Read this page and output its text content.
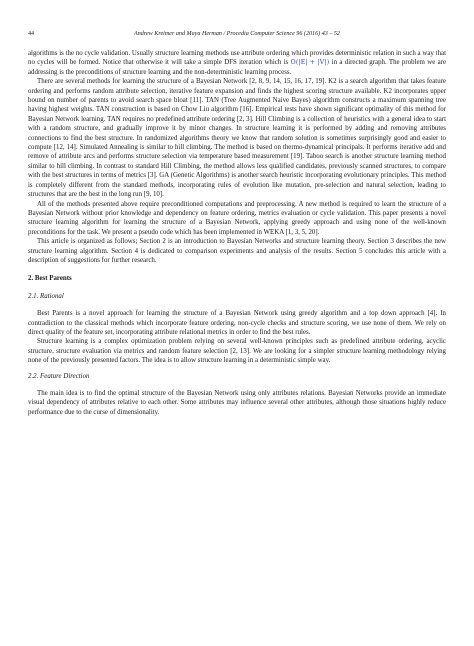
44	Andrew Kreimer and Maya Herman / Procedia Computer Science 96 (2016) 43 – 52

algorithms is the no cycle validation. Usually structure learning methods use attribute ordering which provides deterministic relation in such a way that no cycles will be formed. Notice that otherwise it will take a simple DFS iteration which is O(|E| + |V|) in a directed graph. The problem we are addressing is the preconditions of structure learning and the non-deterministic learning process.

There are several methods for learning the structure of a Bayesian Network [2, 8, 9, 14, 15, 16, 17, 19]. K2 is a search algorithm that takes feature ordering and performs random attribute selection, iterative feature expansion and finds the highest scoring structure available. K2 incorporates upper bound on number of parents to avoid search space bloat [11]. TAN (Tree Augmented Naive Bayes) algorithm constructs a maximum spanning tree having highest weights. TAN construction is based on Chow Liu algorithm [16]. Empirical tests have shown significant optimality of this method for Bayesian Network learning. TAN requires no predefined attribute ordering [2, 3]. Hill Climbing is a collection of heuristics with a general idea to start with a random structure, and gradually improve it by minor changes. In structure learning it is performed by adding and removing attributes connections to find the best structure. In randomized algorithms theory we know that random solution is sometimes surprisingly good and easier to compute [12, 14]. Simulated Annealing is similar to hill climbing. The method is based on thermo-dynamical principals. It performs iterative add and remove of attribute arcs and performs structure selection via temperature based measurement [19]. Taboo search is another structure learning method similar to hill climbing. In contrast to standard Hill Climbing, the method allows less qualified candidates, previously scanned structures, to compare with the best structures in terms of metrics [3]. GA (Genetic Algorithms) is another search heuristic incorporating evolutionary principles. This method is completely different from the standard methods, incorporating rules of evolution like mutation, pre-selection and natural selection, leading to structures that are the best in the long run [9, 10].

All of the methods presented above require preconditioned computations and preprocessing. A new method is required to learn the structure of a Bayesian Network without prior knowledge and dependency on feature ordering, metrics evaluation or cycle validation. This paper presents a novel structure learning algorithm for learning the structure of a Bayesian Network, applying greedy approach and using none of the well-known preconditions for the task. We present a pseudo code which has been implemented in WEKA [1, 3, 5, 20].

This article is organized as follows; Section 2 is an introduction to Bayesian Networks and structure learning theory. Section 3 describes the new structure learning algorithm. Section 4 is dedicated to comparison experiments and analysis of the results. Section 5 concludes this article with a description of suggestions for further research.

2. Best Parents
2.1. Rational

Best Parents is a novel approach for learning the structure of a Bayesian Network using greedy algorithm and a top down approach [4]. In contradiction to the classical methods which incorporate feature ordering, non-cycle checks and structure scoring, we use none of them. We rely on direct quality of the feature set, incorporating attribute relational metrics in order to find the best rules.

Structure learning is a complex optimization problem relying on several well-known principles such as predefined attribute ordering, acyclic structure, structure evaluation via metrics and random feature selection [2, 13]. We are looking for a simpler structure learning methodology relying none of the previously presented factors. The idea is to allow structure learning in a deterministic simple way.

2.2. Feature Direction

The main idea is to find the optimal structure of the Bayesian Network using only attributes relations. Bayesian Networks provide an immediate visual dependency of attributes relative to each other. Some attributes may influence several other attributes, although those situations highly reduce performance due to the curse of dimensionality.
